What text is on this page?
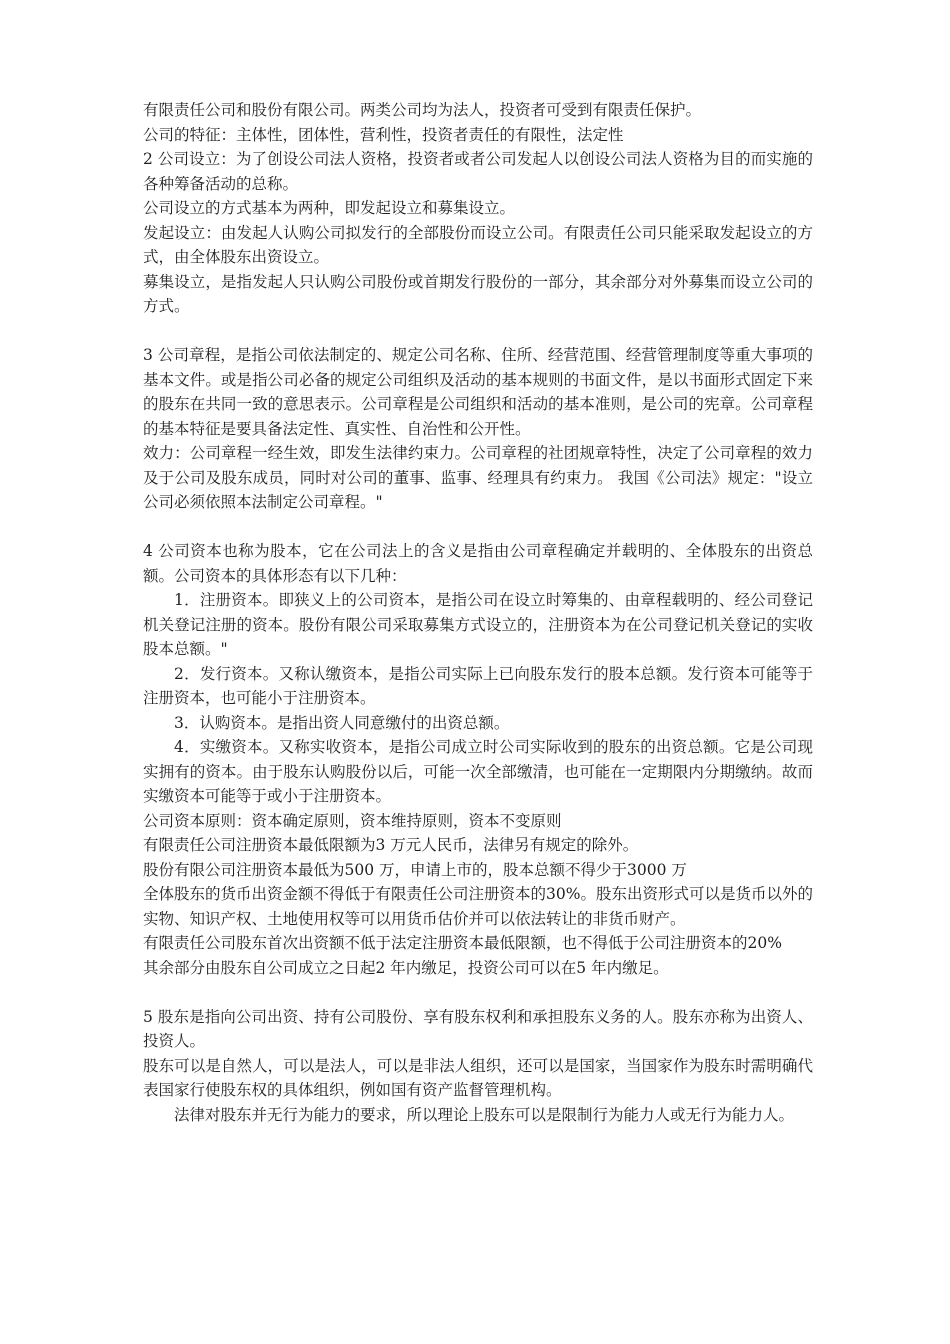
有限责任公司和股份有限公司。两类公司均为法人，投资者可受到有限责任保护。

公司的特征：主体性，团体性，营利性，投资者责任的有限性，法定性

2 公司设立：为了创设公司法人资格，投资者或者公司发起人以创设公司法人资格为目的而实施的各种筹备活动的总称。

公司设立的方式基本为两种，即发起设立和募集设立。

发起设立：由发起人认购公司拟发行的全部股份而设立公司。有限责任公司只能采取发起设立的方式，由全体股东出资设立。

募集设立，是指发起人只认购公司股份或首期发行股份的一部分，其余部分对外募集而设立公司的方式。

3 公司章程，是指公司依法制定的、规定公司名称、住所、经营范围、经营管理制度等重大事项的基本文件。或是指公司必备的规定公司组织及活动的基本规则的书面文件，是以书面形式固定下来的股东在共同一致的意思表示。公司章程是公司组织和活动的基本准则，是公司的宪章。公司章程的基本特征是要具备法定性、真实性、自治性和公开性。

效力：公司章程一经生效，即发生法律约束力。公司章程的社团规章特性，决定了公司章程的效力及于公司及股东成员，同时对公司的董事、监事、经理具有约束力。 我国《公司法》规定："设立公司必须依照本法制定公司章程。"

4 公司资本也称为股本，它在公司法上的含义是指由公司章程确定并载明的、全体股东的出资总额。公司资本的具体形态有以下几种：

1．注册资本。即狭义上的公司资本，是指公司在设立时筹集的、由章程载明的、经公司登记机关登记注册的资本。股份有限公司采取募集方式设立的，注册资本为在公司登记机关登记的实收股本总额。"

2．发行资本。又称认缴资本，是指公司实际上已向股东发行的股本总额。发行资本可能等于注册资本，也可能小于注册资本。

3．认购资本。是指出资人同意缴付的出资总额。

4．实缴资本。又称实收资本，是指公司成立时公司实际收到的股东的出资总额。它是公司现实拥有的资本。由于股东认购股份以后，可能一次全部缴清，也可能在一定期限内分期缴纳。故而实缴资本可能等于或小于注册资本。

公司资本原则：资本确定原则，资本维持原则，资本不变原则

有限责任公司注册资本最低限额为3 万元人民币，法律另有规定的除外。

股份有限公司注册资本最低为500 万，申请上市的，股本总额不得少于3000 万

全体股东的货币出资金额不得低于有限责任公司注册资本的30%。股东出资形式可以是货币以外的实物、知识产权、土地使用权等可以用货币估价并可以依法转让的非货币财产。

有限责任公司股东首次出资额不低于法定注册资本最低限额，也不得低于公司注册资本的20%

其余部分由股东自公司成立之日起2 年内缴足，投资公司可以在5 年内缴足。

5 股东是指向公司出资、持有公司股份、享有股东权利和承担股东义务的人。股东亦称为出资人、投资人。

股东可以是自然人，可以是法人，可以是非法人组织，还可以是国家，当国家作为股东时需明确代表国家行使股东权的具体组织，例如国有资产监督管理机构。

法律对股东并无行为能力的要求，所以理论上股东可以是限制行为能力人或无行为能力人。
